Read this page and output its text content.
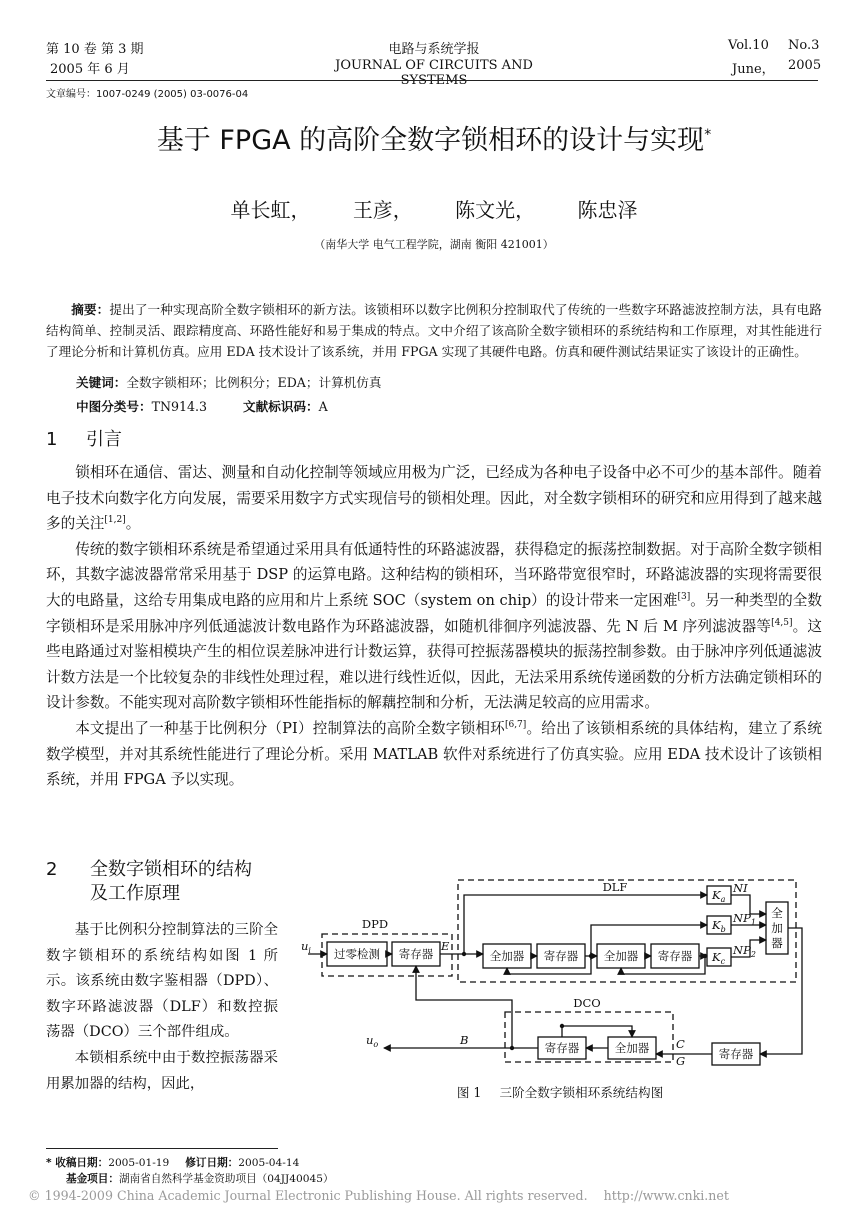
第 10 卷 第 3 期
2005 年 6 月
电路与系统学报
JOURNAL OF CIRCUITS AND SYSTEMS
Vol.10 No.3
June， 2005
文章编号：1007-0249 (2005) 03-0076-04
基于 FPGA 的高阶全数字锁相环的设计与实现*
单长虹， 王彦， 陈文光， 陈忠泽
（南华大学 电气工程学院，湖南 衡阳 421001）
摘要：提出了一种实现高阶全数字锁相环的新方法。该锁相环以数字比例积分控制取代了传统的一些数字环路滤波控制方法，具有电路结构简单、控制灵活、跟踪精度高、环路性能好和易于集成的特点。文中介绍了该高阶全数字锁相环的系统结构和工作原理，对其性能进行了理论分析和计算机仿真。应用 EDA 技术设计了该系统，并用 FPGA 实现了其硬件电路。仿真和硬件测试结果证实了该设计的正确性。
关键词：全数字锁相环；比例积分；EDA；计算机仿真
中图分类号：TN914.3	文献标识码：A
1 引言

锁相环在通信、雷达、测量和自动化控制等领域应用极为广泛，已经成为各种电子设备中必不可少的基本部件。随着电子技术向数字化方向发展，需要采用数字方式实现信号的锁相处理。因此，对全数字锁相环的研究和应用得到了越来越多的关注[1,2]。

传统的数字锁相环系统是希望通过采用具有低通特性的环路滤波器，获得稳定的振荡控制数据。对于高阶全数字锁相环，其数字滤波器常常采用基于 DSP 的运算电路。这种结构的锁相环，当环路带宽很窄时，环路滤波器的实现将需要很大的电路量，这给专用集成电路的应用和片上系统 SOC（system on chip）的设计带来一定困难[3]。另一种类型的全数字锁相环是采用脉冲序列低通滤波计数电路作为环路滤波器，如随机徘徊序列滤波器、先 N 后 M 序列滤波器等[4,5]。这些电路通过对鉴相模块产生的相位误差脉冲进行计数运算，获得可控振荡器模块的振荡控制参数。由于脉冲序列低通滤波计数方法是一个比较复杂的非线性处理过程，难以进行线性近似，因此，无法采用系统传递函数的分析方法确定锁相环的设计参数。不能实现对高阶数字锁相环性能指标的解藕控制和分析，无法满足较高的应用需求。

本文提出了一种基于比例积分（PI）控制算法的高阶全数字锁相环[6,7]。给出了该锁相系统的具体结构，建立了系统数学模型，并对其系统性能进行了理论分析。采用 MATLAB 软件对系统进行了仿真实验。应用 EDA 技术设计了该锁相系统，并用 FPGA 予以实现。

2 全数字锁相环的结构
及工作原理

基于比例积分控制算法的三阶全数字锁相环的系统结构如图 1 所示。该系统由数字鉴相器（DPD）、数字环路滤波器（DLF）和数控振荡器（DCO）三个部件组成。

本锁相系统中由于数控振荡器采用累加器的结构，因此，

DLF
DPD
DCO
过零检测 寄存器	全加器 寄存器 全加器 寄存器
寄存器	全加器	寄存器
全
加
器
$K_a$
$K_b$
$K_c$
NI
$NP_1$
$NP_2$
$u_i$
$u_o$
E
B	C
G
图 1 三阶全数字锁相环系统结构图
* 收稿日期：2005-01-19 修订日期：2005-04-14
基金项目：湖南省自然科学基金资助项目（04JJ40045）
© 1994-2009 China Academic Journal Electronic Publishing House. All rights reserved. http://www.cnki.net
